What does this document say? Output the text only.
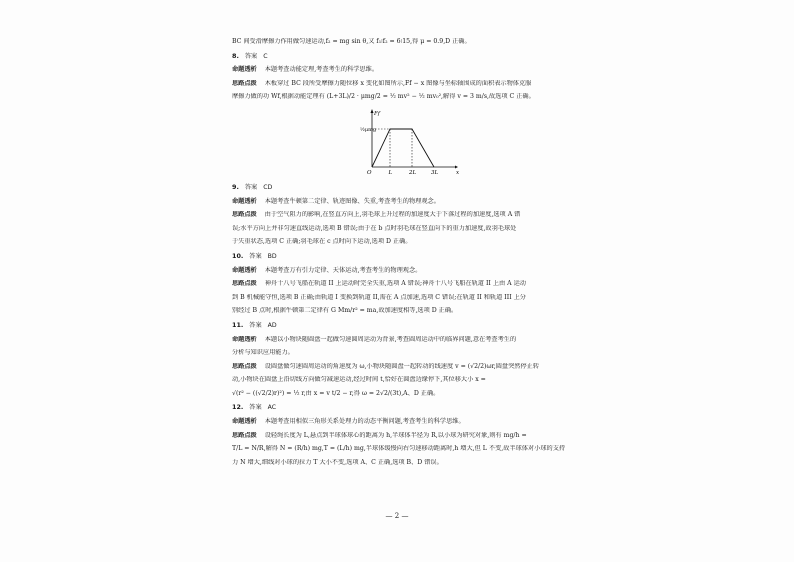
BC 间受滑摩擦力作用做匀速运动,f₂ = mg sin θ,又 f₁∶f₂ = 6∶15,得 μ = 0.9,D 正确。
8. 答案 C
命题透析 本题考查动能定理,考查考生的科学思维。
思路点拨 木板穿过 BC 段所受摩擦力随位移 x 变化如图所示,Ff − x 图像与坐标轴围成的面积表示物体克服
摩擦力做的功 Wf,根据动能定理有 (L+3L)/2 · μmg/2 = ½ mv² − ½ mv₀²,解得 v = 3 m/s,故选项 C 正确。
Ff
½μmg
x
O	L	2L	3L
9. 答案 CD
命题透析 本题考查牛顿第二定律、轨迹图像、失重,考查考生的物理观念。
思路点拨 由于空气阻力的影响,在竖直方向上,羽毛球上升过程的加速度大于下落过程的加速度,选项 A 错
误;水平方向上并非匀速直线运动,选项 B 错误;由于在 b 点时羽毛球在竖直向下的重力加速度,故羽毛球处
于失重状态,选项 C 正确;羽毛球在 c 点时向下运动,选项 D 正确。
10. 答案 BD
命题透析 本题考查万有引力定律、天体运动,考查考生的物理观念。
思路点拨 神舟十八号飞船在轨道 II 上运动时完全失重,选项 A 错误;神舟十八号飞船在轨道 II 上由 A 运动
到 B 机械能守恒,选项 B 正确;由轨道 I 变换到轨道 II,需在 A 点加速,选项 C 错误;在轨道 II 和轨道 III 上分
别经过 B 点时,根据牛顿第二定律有 G Mm/r² = ma,故加速度相等,选项 D 正确。
11. 答案 AD
命题透析 本题以小物块随圆盘一起做匀速圆周运动为背景,考查圆周运动中的临界问题,意在考查考生的
分析与知识应用能力。
思路点拨 设圆盘做匀速圆周运动的角速度为 ω,小物块随圆盘一起转动的线速度 v = (√2/2)ωr,圆盘突然停止转
动,小物块在圆盘上沿切线方向做匀减速运动,经过时间 t,恰好在圆盘边缘停下,其位移大小 x =
√(r² − ((√2/2)r)²) = ½ r,由 x = v t/2 − r,得 ω = 2√2/(3t),A、D 正确。
12. 答案 AC
命题透析 本题考查用相似三角形关系处理力的动态平衡问题,考查考生的科学思维。
思路点拨 设轻绳长度为 L,悬点到半球体球心的距离为 h,半球体半径为 R,以小球为研究对象,则有 mg/h =
T/L = N/R,解得 N = (R/h) mg,T = (L/h) mg,半球体缓慢向右匀速移动距离时,h 增大,但 L 不变,故半球体对小球的支持
力 N 增大,细线对小球的拉力 T 大小不变,选项 A、C 正确,选项 B、D 错误。
— 2 —
